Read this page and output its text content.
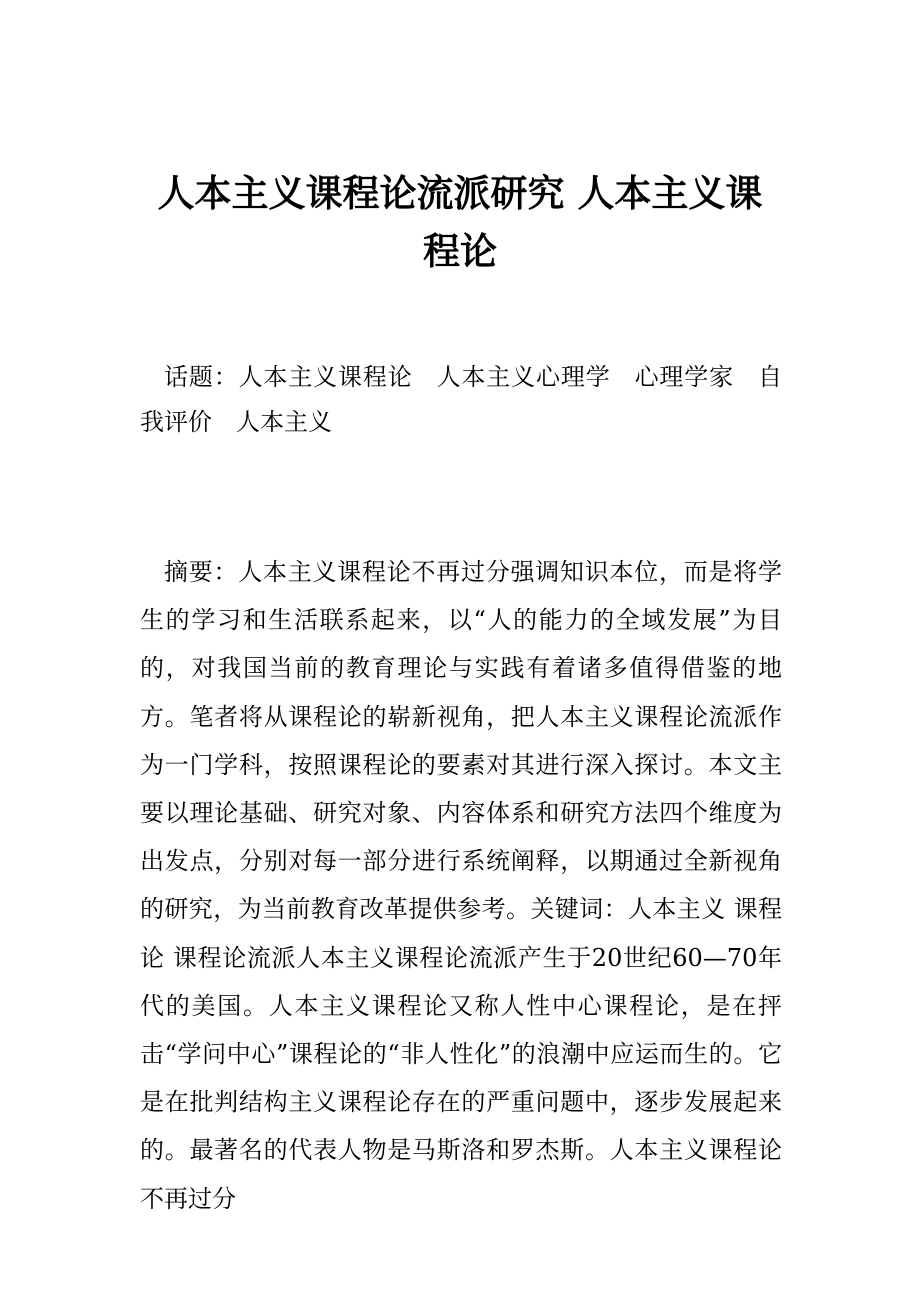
人本主义课程论流派研究 人本主义课程论

话题：人本主义课程论 人本主义心理学 心理学家 自我评价 人本主义

摘要：人本主义课程论不再过分强调知识本位，而是将学生的学习和生活联系起来，以“人的能力的全域发展”为目的，对我国当前的教育理论与实践有着诸多值得借鉴的地方。笔者将从课程论的崭新视角，把人本主义课程论流派作为一门学科，按照课程论的要素对其进行深入探讨。本文主要以理论基础、研究对象、内容体系和研究方法四个维度为出发点，分别对每一部分进行系统阐释，以期通过全新视角的研究，为当前教育改革提供参考。关键词：人本主义 课程论 课程论流派人本主义课程论流派产生于20世纪60—70年代的美国。人本主义课程论又称人性中心课程论，是在抨击“学问中心”课程论的“非人性化”的浪潮中应运而生的。它是在批判结构主义课程论存在的严重问题中，逐步发展起来的。最著名的代表人物是马斯洛和罗杰斯。人本主义课程论不再过分
